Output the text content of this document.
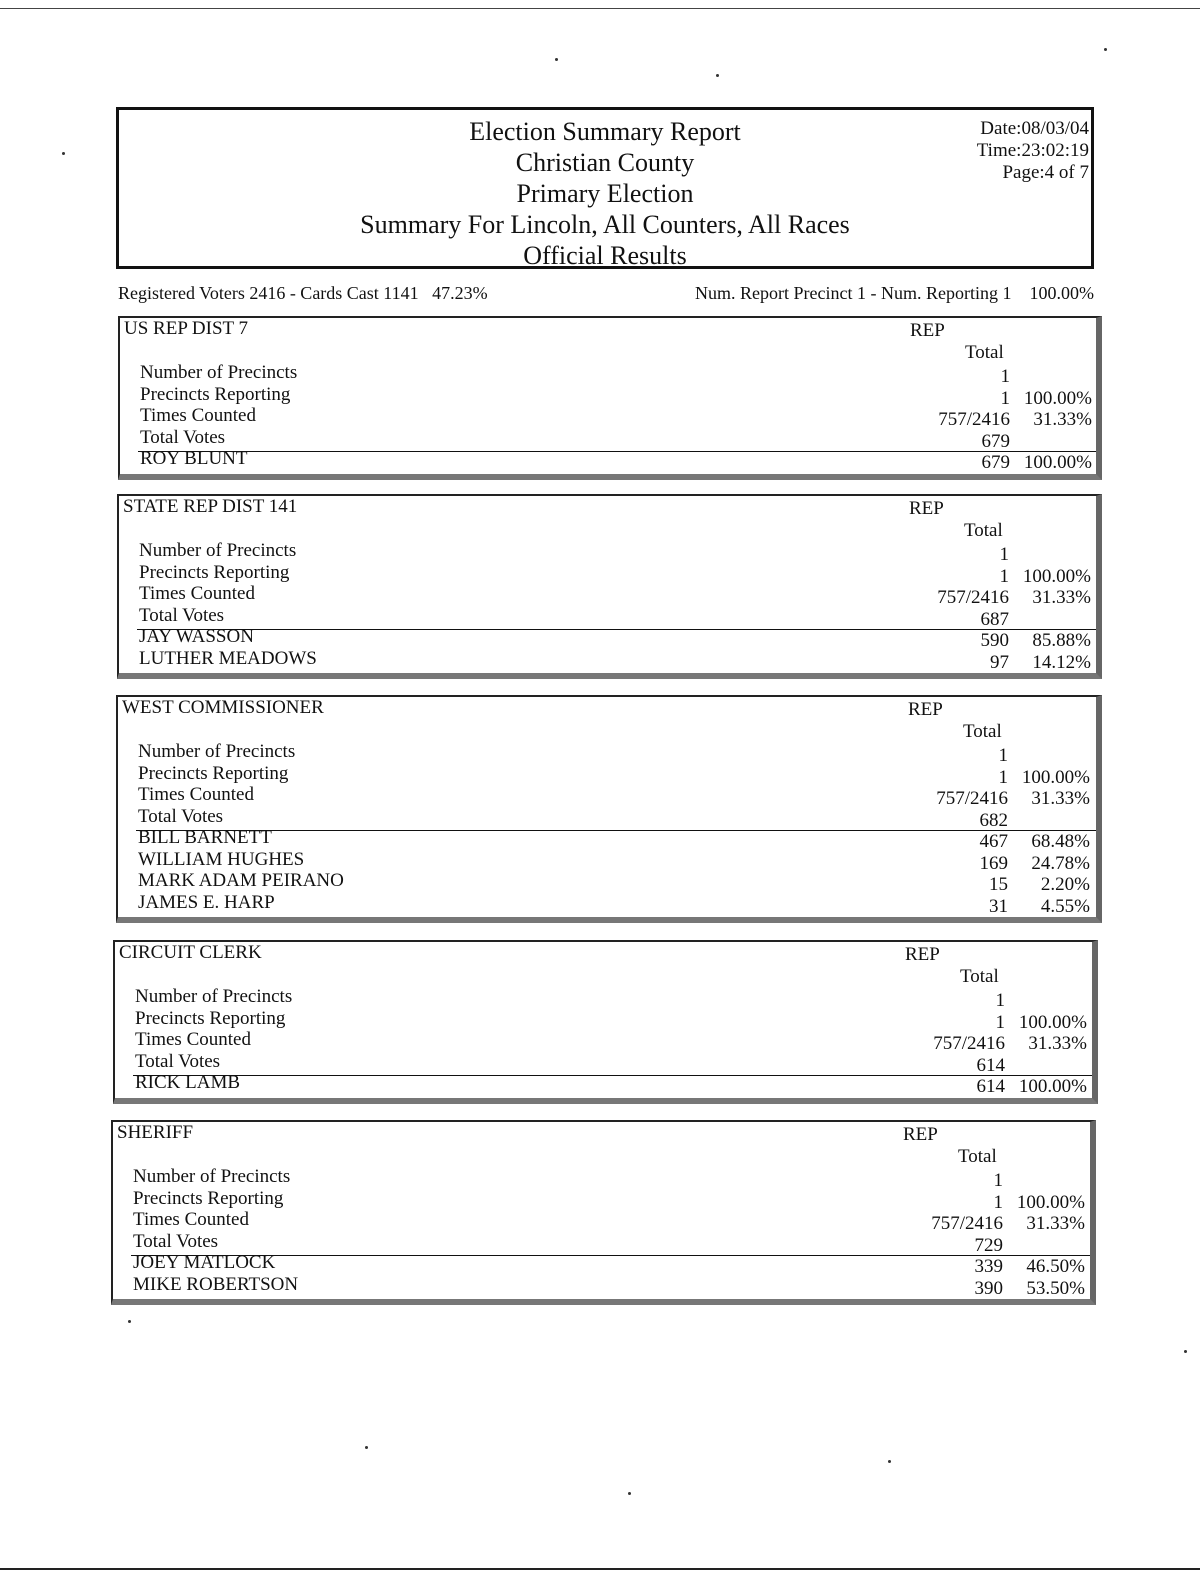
Election Summary Report
Christian County
Primary Election
Summary For Lincoln, All Counters, All Races
Official Results
Date:08/03/04
Time:23:02:19
Page:4 of 7
Registered Voters 2416 - Cards Cast 1141 47.23%	Num. Report Precinct 1 - Num. Reporting 1 100.00%
US REP DIST 7	REP
Total
Number of Precincts	1
Precincts Reporting	1 100.00%
Times Counted	757/2416	31.33%
Total Votes	679
ROY BLUNT	679 100.00%
STATE REP DIST 141	REP
Total
Number of Precincts	1
Precincts Reporting	1 100.00%
Times Counted	757/2416	31.33%
Total Votes	687
JAY WASSON	590	85.88%
LUTHER MEADOWS	97	14.12%
WEST COMMISSIONER	REP
Total
Number of Precincts	1
Precincts Reporting	1 100.00%
Times Counted	757/2416	31.33%
Total Votes	682
BILL BARNETT	467	68.48%
WILLIAM HUGHES	169	24.78%
MARK ADAM PEIRANO	15	2.20%
JAMES E. HARP	31	4.55%
CIRCUIT CLERK	REP
Total
Number of Precincts	1
Precincts Reporting	1 100.00%
Times Counted	757/2416	31.33%
Total Votes	614
RICK LAMB	614 100.00%
SHERIFF	REP
Total
Number of Precincts	1
Precincts Reporting	1 100.00%
Times Counted	757/2416	31.33%
Total Votes	729
JOEY MATLOCK	339	46.50%
MIKE ROBERTSON	390	53.50%
